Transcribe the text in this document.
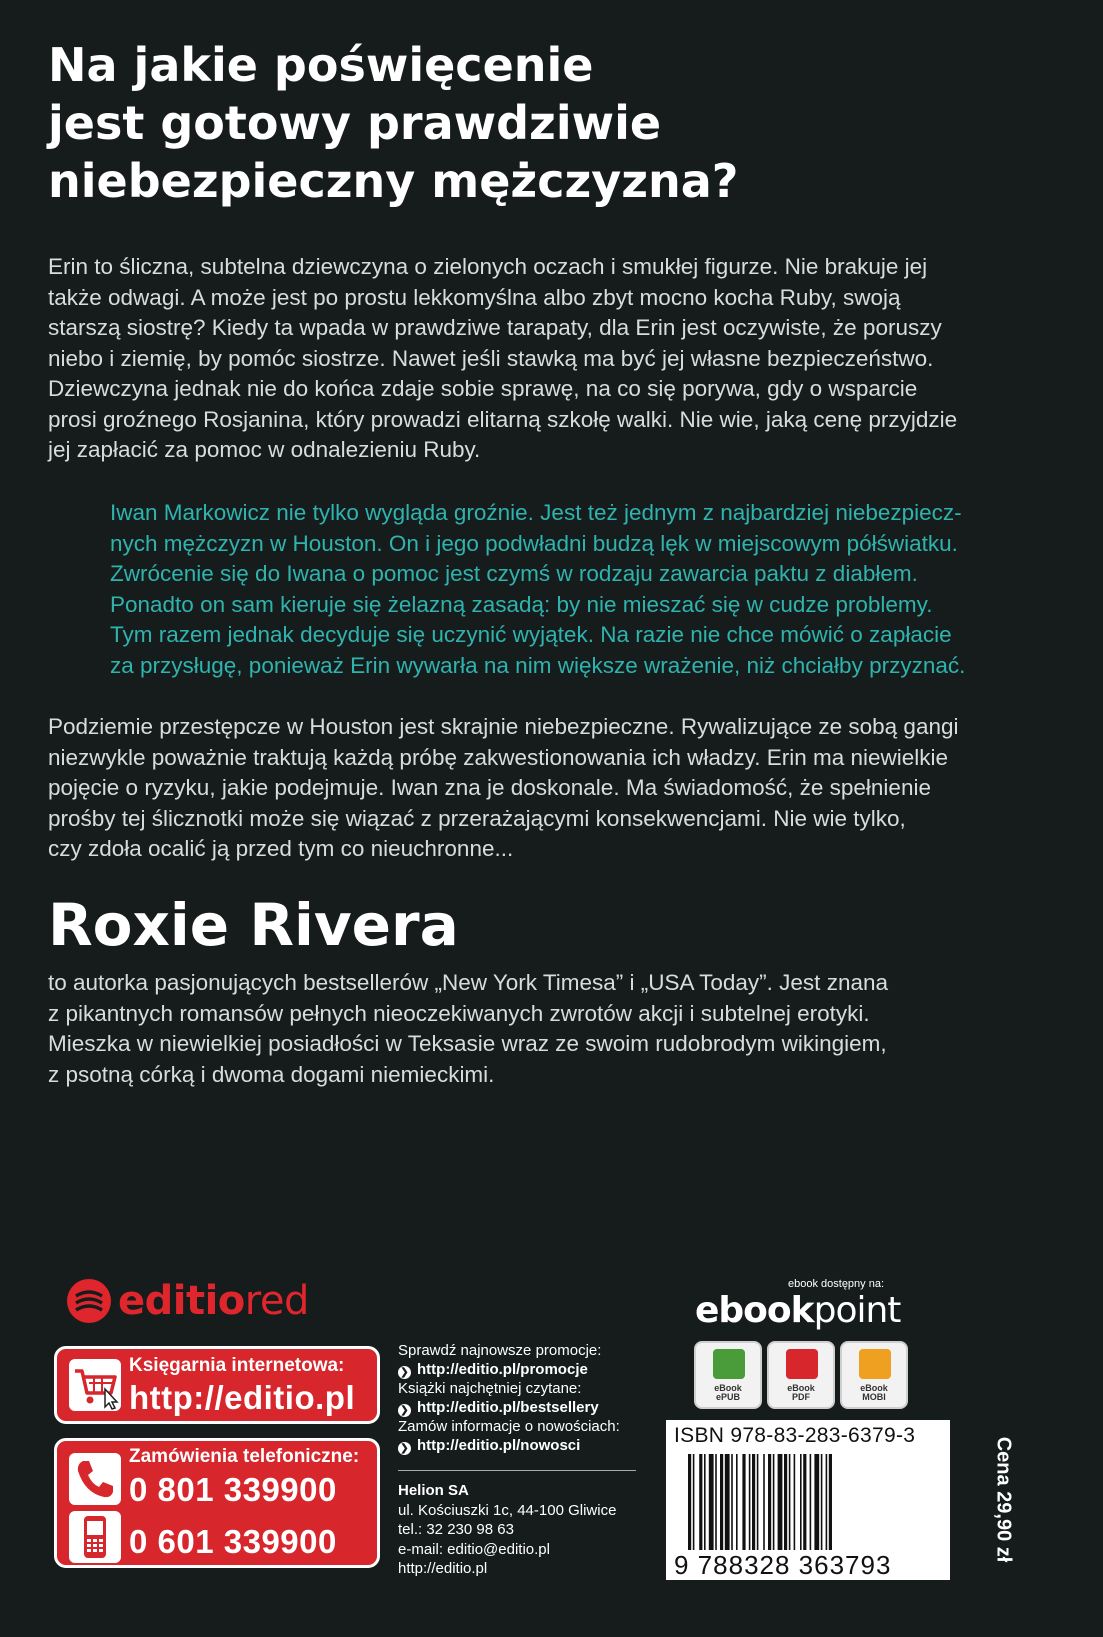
Na jakie poświęcenie
jest gotowy prawdziwie
niebezpieczny mężczyzna?
Erin to śliczna, subtelna dziewczyna o zielonych oczach i smukłej figurze. Nie brakuje jej
także odwagi. A może jest po prostu lekkomyślna albo zbyt mocno kocha Ruby, swoją
starszą siostrę? Kiedy ta wpada w prawdziwe tarapaty, dla Erin jest oczywiste, że poruszy
niebo i ziemię, by pomóc siostrze. Nawet jeśli stawką ma być jej własne bezpieczeństwo.
Dziewczyna jednak nie do końca zdaje sobie sprawę, na co się porywa, gdy o wsparcie
prosi groźnego Rosjanina, który prowadzi elitarną szkołę walki. Nie wie, jaką cenę przyjdzie
jej zapłacić za pomoc w odnalezieniu Ruby.
Iwan Markowicz nie tylko wygląda groźnie. Jest też jednym z najbardziej niebezpiecz-
nych mężczyzn w Houston. On i jego podwładni budzą lęk w miejscowym półświatku.
Zwrócenie się do Iwana o pomoc jest czymś w rodzaju zawarcia paktu z diabłem.
Ponadto on sam kieruje się żelazną zasadą: by nie mieszać się w cudze problemy.
Tym razem jednak decyduje się uczynić wyjątek. Na razie nie chce mówić o zapłacie
za przysługę, ponieważ Erin wywarła na nim większe wrażenie, niż chciałby przyznać.
Podziemie przestępcze w Houston jest skrajnie niebezpieczne. Rywalizujące ze sobą gangi
niezwykle poważnie traktują każdą próbę zakwestionowania ich władzy. Erin ma niewielkie
pojęcie o ryzyku, jakie podejmuje. Iwan zna je doskonale. Ma świadomość, że spełnienie
prośby tej ślicznotki może się wiązać z przerażającymi konsekwencjami. Nie wie tylko,
czy zdoła ocalić ją przed tym co nieuchronne...
Roxie Rivera
to autorka pasjonujących bestsellerów „New York Timesa” i „USA Today”. Jest znana
z pikantnych romansów pełnych nieoczekiwanych zwrotów akcji i subtelnej erotyki.
Mieszka w niewielkiej posiadłości w Teksasie wraz ze swoim rudobrodym wikingiem,
z psotną córką i dwoma dogami niemieckimi.
editiored
Księgarnia internetowa:
http://editio.pl
Zamówienia telefoniczne:
0 801 339900
0 601 339900
Sprawdź najnowsze promocje:
❯ http://editio.pl/promocje
Książki najchętniej czytane:
❯ http://editio.pl/bestsellery
Zamów informacje o nowościach:
❯ http://editio.pl/nowosci
Helion SA
ul. Kościuszki 1c, 44-100 Gliwice
tel.: 32 230 98 63
e-mail: editio@editio.pl
http://editio.pl
ebook dostępny na:
ebookpoint
eBook
ePUB
eBook
PDF
eBook
MOBI
ISBN 978-83-283-6379-3
9 788328 363793
Cena 29,90 zł
